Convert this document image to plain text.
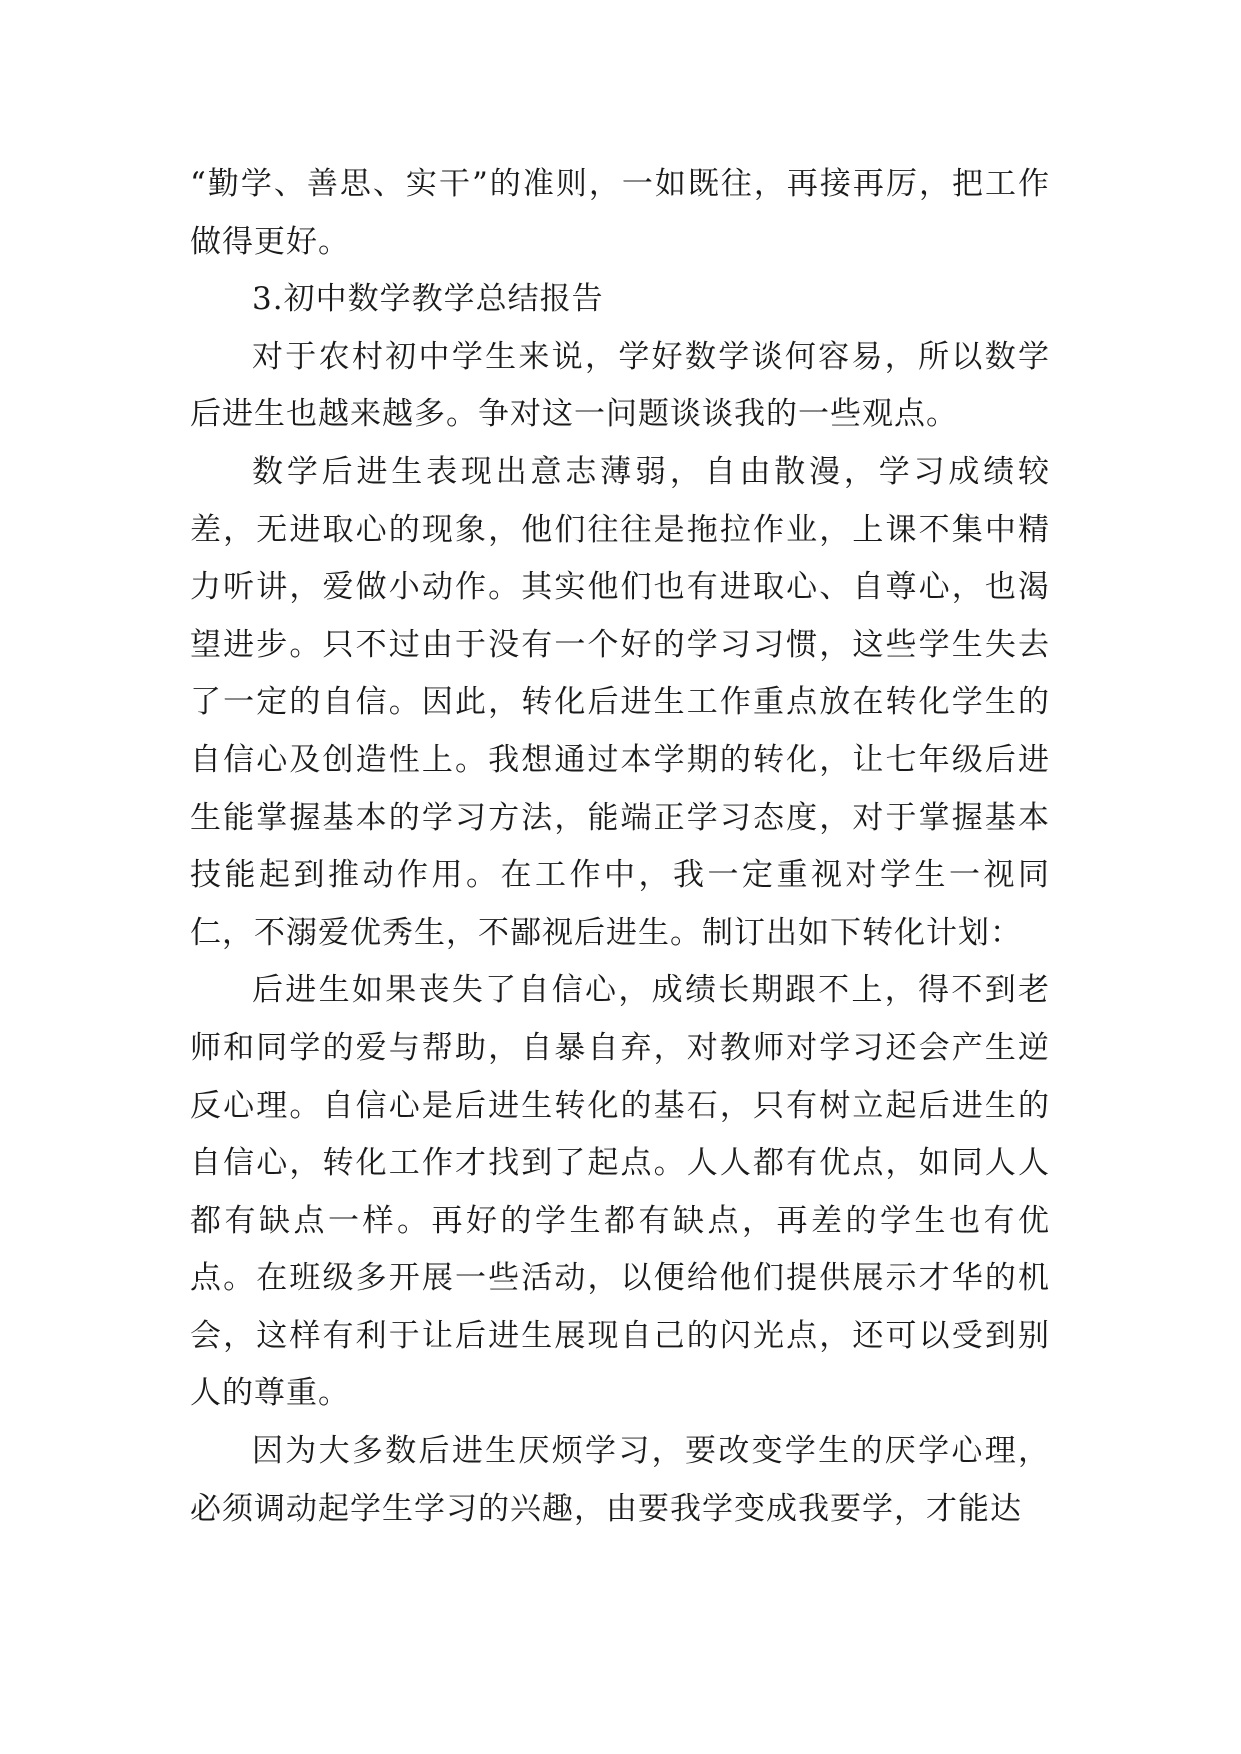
“勤学、善思、实干”的准则，一如既往，再接再厉，把工作做得更好。

3.初中数学教学总结报告

对于农村初中学生来说，学好数学谈何容易，所以数学后进生也越来越多。争对这一问题谈谈我的一些观点。

数学后进生表现出意志薄弱，自由散漫，学习成绩较差，无进取心的现象，他们往往是拖拉作业，上课不集中精力听讲，爱做小动作。其实他们也有进取心、自尊心，也渴望进步。只不过由于没有一个好的学习习惯，这些学生失去了一定的自信。因此，转化后进生工作重点放在转化学生的自信心及创造性上。我想通过本学期的转化，让七年级后进生能掌握基本的学习方法，能端正学习态度，对于掌握基本技能起到推动作用。在工作中，我一定重视对学生一视同仁，不溺爱优秀生，不鄙视后进生。制订出如下转化计划：

后进生如果丧失了自信心，成绩长期跟不上，得不到老师和同学的爱与帮助，自暴自弃，对教师对学习还会产生逆反心理。自信心是后进生转化的基石，只有树立起后进生的自信心，转化工作才找到了起点。人人都有优点，如同人人都有缺点一样。再好的学生都有缺点，再差的学生也有优点。在班级多开展一些活动，以便给他们提供展示才华的机会，这样有利于让后进生展现自己的闪光点，还可以受到别人的尊重。

因为大多数后进生厌烦学习，要改变学生的厌学心理，必须调动起学生学习的兴趣，由要我学变成我要学，才能达
